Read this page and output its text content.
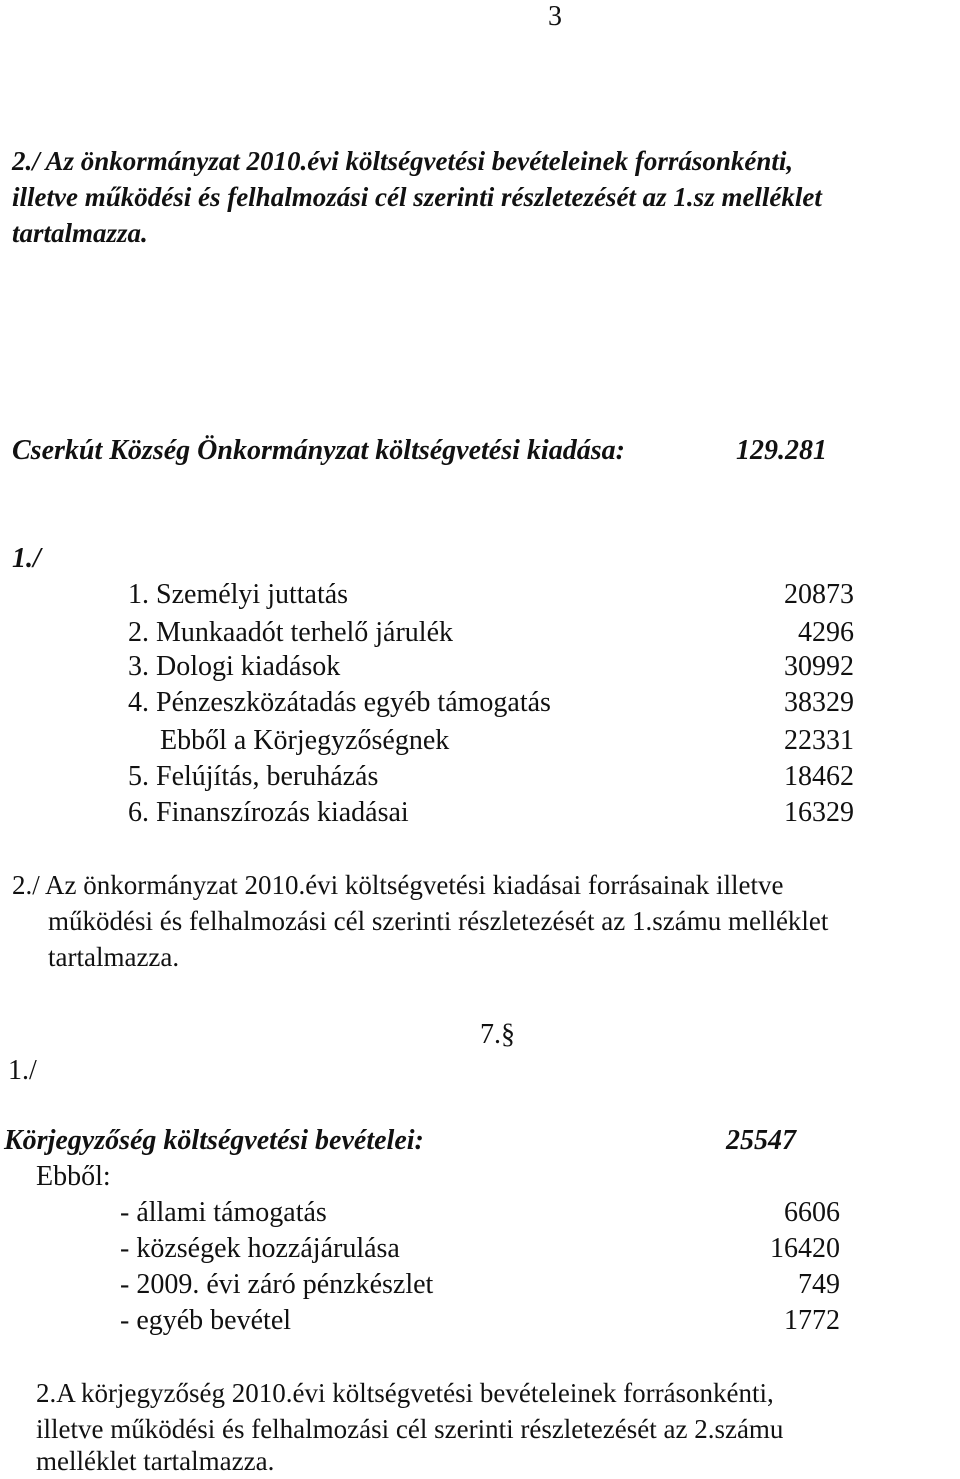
3
2./ Az önkormányzat 2010.évi költségvetési bevételeinek forrásonkénti,
illetve működési és felhalmozási cél szerinti részletezését az 1.sz melléklet
tartalmazza.
Cserkút Község Önkormányzat költségvetési kiadása:	129.281
1./
1. Személyi juttatás	20873
2. Munkaadót terhelő járulék	4296
3. Dologi kiadások	30992
4. Pénzeszközátadás egyéb támogatás	38329
Ebből a Körjegyzőségnek	22331
5. Felújítás, beruházás	18462
6. Finanszírozás kiadásai	16329
2./ Az önkormányzat 2010.évi költségvetési kiadásai forrásainak illetve
működési és felhalmozási cél szerinti részletezését az 1.számu melléklet
tartalmazza.
7.§
1./
Körjegyzőség költségvetési bevételei:	25547
Ebből:
- állami támogatás	6606
- községek hozzájárulása	16420
- 2009. évi záró pénzkészlet	749
- egyéb bevétel	1772
2.A körjegyzőség 2010.évi költségvetési bevételeinek forrásonkénti,
illetve működési és felhalmozási cél szerinti részletezését az 2.számu
melléklet tartalmazza.
